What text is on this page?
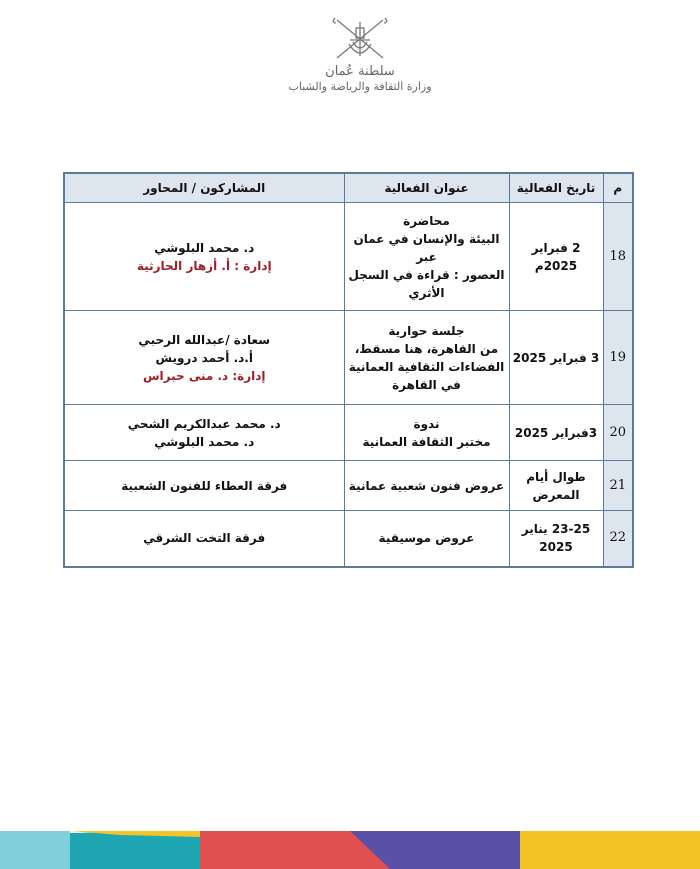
سلطنة عُمان
وزارة الثقافة والرياضة والشباب
م	تاريخ الفعالية	عنوان الفعالية	المشاركون / المحاور
18	2 فبراير 2025م	محاضرة
البيئة والإنسان في عمان عبر
العصور : قراءة في السجل
الأثري	د. محمد البلوشي
إدارة : أ. أزهار الحارثية

19	3 فبراير 2025	جلسة حوارية
من القاهرة، هنا مسقط،
الفضاءات الثقافية العمانية
في القاهرة	سعادة /عبدالله الرحبي
أ.د. أحمد درويش
إدارة: د. منى حبراس

20	3فبراير 2025	ندوة
مختبر الثقافة العمانية	د. محمد عبدالكريم الشحي
د. محمد البلوشي

21	طوال أيام المعرض	عروض فنون شعبية عمانية	فرقة العطاء للفنون الشعبية

22	23-25 يناير 2025	عروض موسيقية	فرقة التخت الشرقي
